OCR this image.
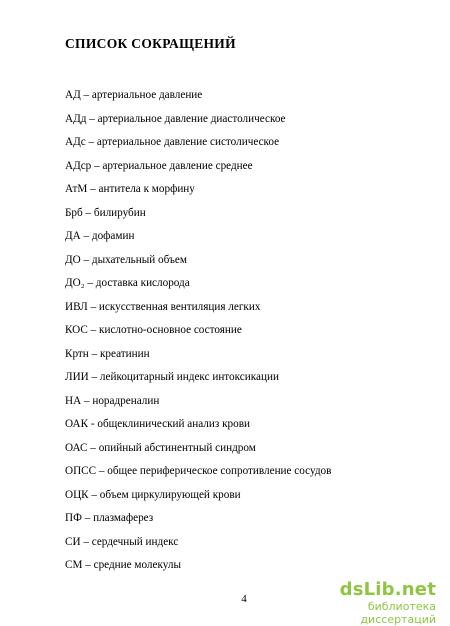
СПИСОК СОКРАЩЕНИЙ
АД – артериальное давление
АДд – артериальное давление диастолическое
АДс – артериальное давление систолическое
АДср – артериальное давление среднее
АтМ – антитела к морфину
Брб – билирубин
ДА – дофамин
ДО – дыхательный объем
ДО₂ – доставка кислорода
ИВЛ – искусственная вентиляция легких
КОС – кислотно-основное состояние
Кртн – креатинин
ЛИИ – лейкоцитарный индекс интоксикации
НА – норадреналин
ОАК - общеклинический анализ крови
ОАС – опийный абстинентный синдром
ОПСС – общее периферическое сопротивление сосудов
ОЦК – объем циркулирующей крови
ПФ – плазмаферез
СИ – сердечный индекс
СМ – средние молекулы
4	dsLib.net
библиотека диссертаций
